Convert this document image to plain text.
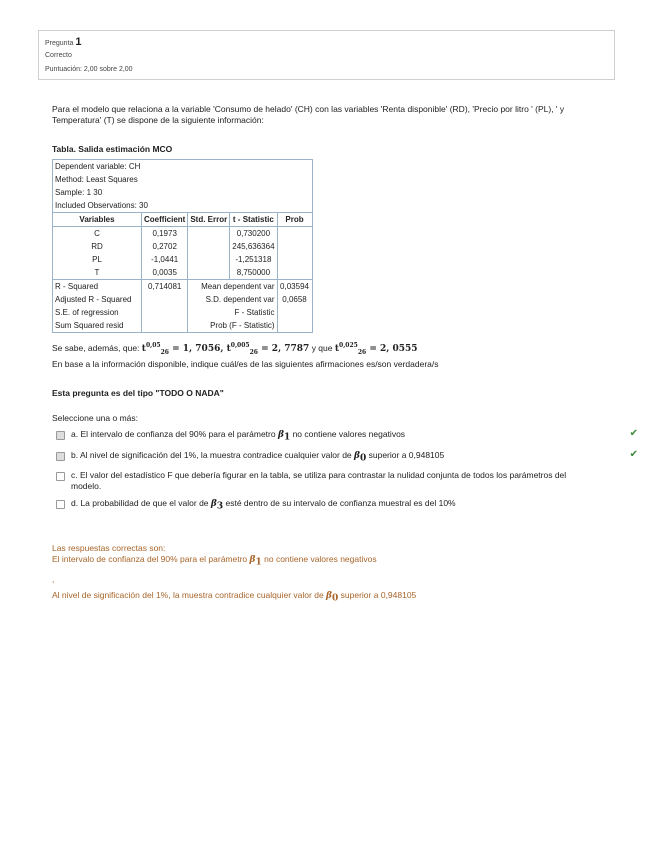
Pregunta 1
Correcto
Puntuación: 2,00 sobre 2,00

Para el modelo que relaciona a la variable 'Consumo de helado' (CH) con las variables 'Renta disponible' (RD), 'Precio por litro ' (PL), ' y Temperatura' (T) se dispone de la siguiente información:

Tabla. Salida estimación MCO
Dependent variable: CH				
Method: Least Squares				
Sample: 1 30				
Included Observations: 30				
Variables	Coefficient	Std. Error	t - Statistic	Prob
C	0,1973		0,730200	
RD	0,2702		245,636364	
PL	-1,0441		-1,251318	
T	0,0035		8,750000	
R - Squared	0,714081	Mean dependent var		0,03594
Adjusted R - Squared		S.D. dependent var		0,0658
S.E. of regression		F - Statistic		
Sum Squared resid		Prob (F - Statistic)		
Se sabe, además, que: $t^{0,05}_{26} = 1$, 7056, $t^{0,005}_{26} = 2$, 7787 y que $t^{0,025}_{26} = 2$, 0555
En base a la información disponible, indique cuál/es de las siguientes afirmaciones es/son verdadera/s
Esta pregunta es del tipo "TODO O NADA"
Seleccione una o más:
a. El intervalo de confianza del 90% para el parámetro $\beta_1$ no contiene valores negativos	✔
b. Al nivel de significación del 1%, la muestra contradice cualquier valor de $\beta_0$ superior a 0,948105	✔
c. El valor del estadístico F que debería figurar en la tabla, se utiliza para contrastar la nulidad conjunta de todos los parámetros del modelo.
d. La probabilidad de que el valor de $\beta_3$ esté dentro de su intervalo de confianza muestral es del 10%
Las respuestas correctas son:
El intervalo de confianza del 90% para el parámetro $\beta_1$ no contiene valores negativos
,
Al nivel de significación del 1%, la muestra contradice cualquier valor de $\beta_0$ superior a 0,948105
